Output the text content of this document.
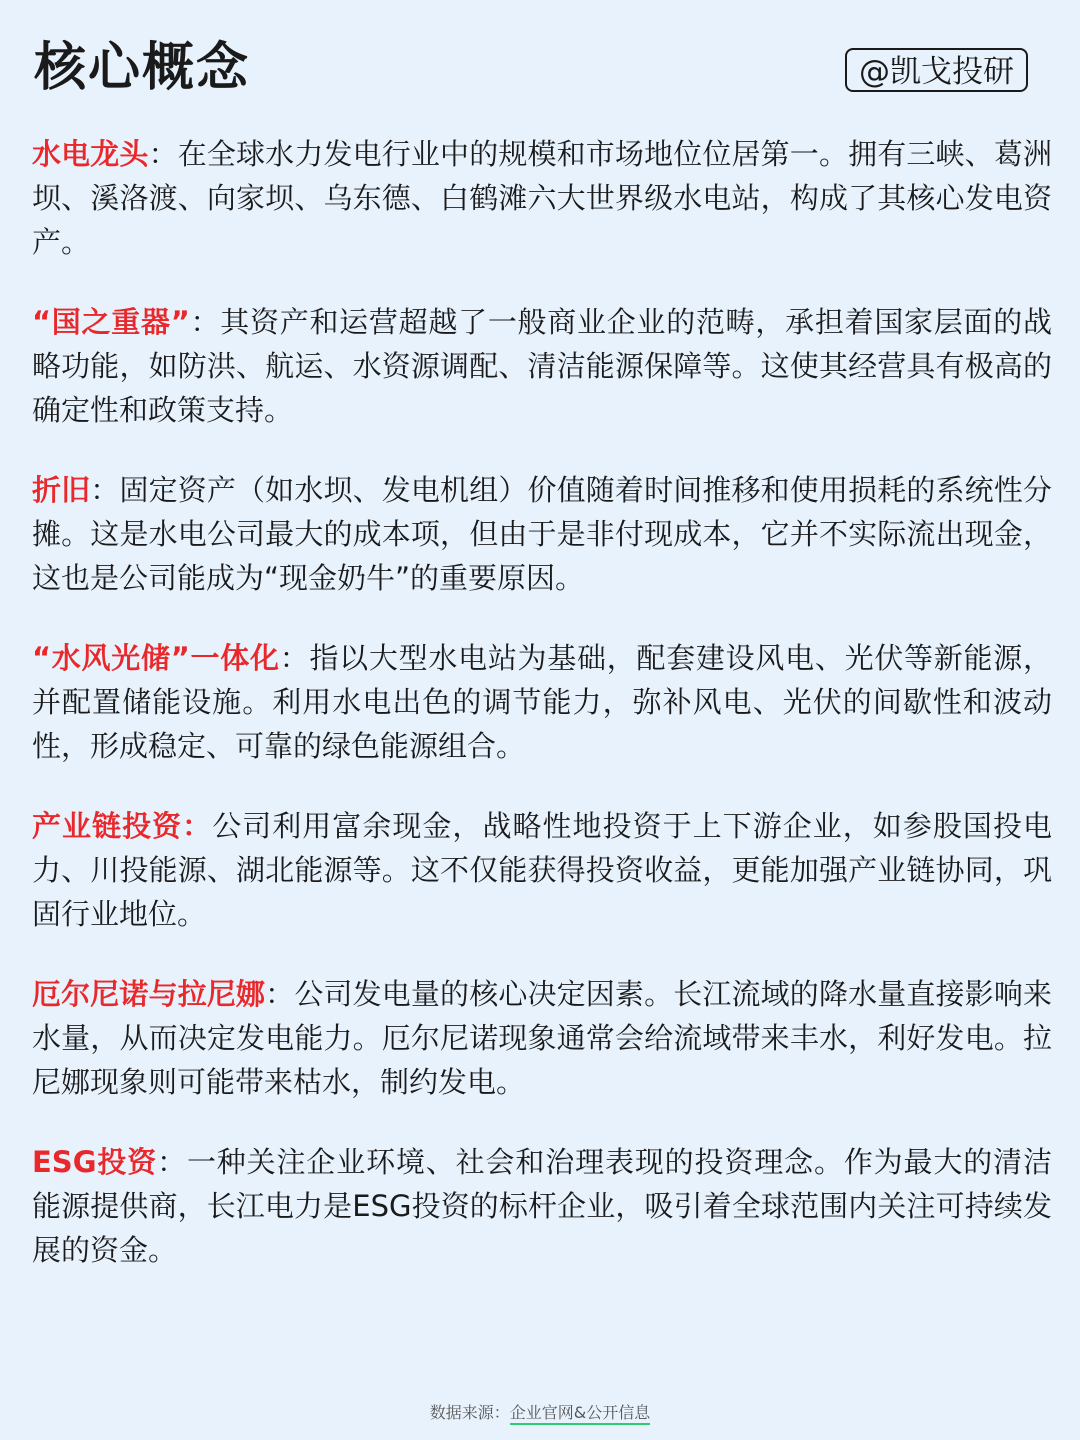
核心概念	@凯戈投研

水电龙头：在全球水力发电行业中的规模和市场地位位居第一。拥有三峡、葛洲坝、溪洛渡、向家坝、乌东德、白鹤滩六大世界级水电站，构成了其核心发电资产。

“国之重器”：其资产和运营超越了一般商业企业的范畴，承担着国家层面的战略功能，如防洪、航运、水资源调配、清洁能源保障等。这使其经营具有极高的确定性和政策支持。

折旧：固定资产（如水坝、发电机组）价值随着时间推移和使用损耗的系统性分摊。这是水电公司最大的成本项，但由于是非付现成本，它并不实际流出现金，这也是公司能成为“现金奶牛”的重要原因。

“水风光储”一体化：指以大型水电站为基础，配套建设风电、光伏等新能源，并配置储能设施。利用水电出色的调节能力，弥补风电、光伏的间歇性和波动性，形成稳定、可靠的绿色能源组合。

产业链投资：公司利用富余现金，战略性地投资于上下游企业，如参股国投电力、川投能源、湖北能源等。这不仅能获得投资收益，更能加强产业链协同，巩固行业地位。

厄尔尼诺与拉尼娜：公司发电量的核心决定因素。长江流域的降水量直接影响来水量，从而决定发电能力。厄尔尼诺现象通常会给流域带来丰水，利好发电。拉尼娜现象则可能带来枯水，制约发电。

ESG投资：一种关注企业环境、社会和治理表现的投资理念。作为最大的清洁能源提供商，长江电力是ESG投资的标杆企业，吸引着全球范围内关注可持续发展的资金。

数据来源：企业官网&公开信息
